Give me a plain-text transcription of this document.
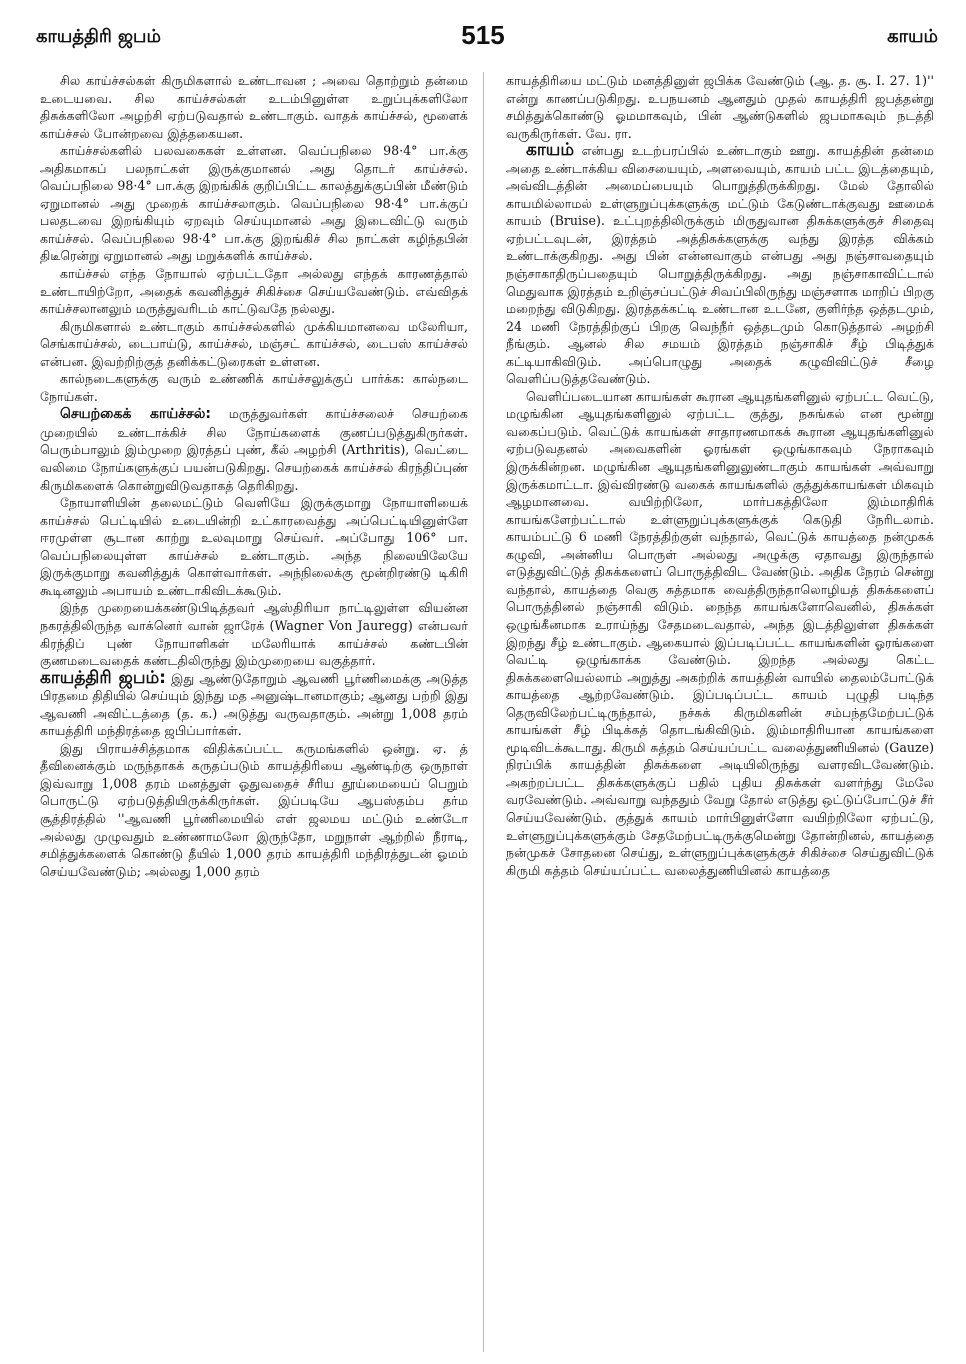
காயத்திரி ஜபம்	515	காயம்

சில காய்ச்சல்கள் கிருமிகளால் உண்டாவன ; அவை தொற்றும் தன்மை உடையவை. சில காய்ச்சல்கள் உடம்பினுள்ள உறுப்புக்களிலோ திசுக்களிலோ அழற்சி ஏற்படுவதால் உண்டாகும். வாதக் காய்ச்சல், மூளைக் காய்ச்சல் போன்றவை இத்தகையன.

காய்ச்சல்களில் பலவகைகள் உள்ளன. வெப்பநிலை 98·4° பா.க்கு அதிகமாகப் பலநாட்கள் இருக்குமானல் அது தொடர் காய்ச்சல். வெப்பநிலை 98·4° பா.க்கு இறங்கிக் குறிப்பிட்ட காலத்துக்குப்பின் மீண்டும் ஏறுமானல் அது முறைக் காய்ச்சலாகும். வெப்பநிலை 98·4° பா.க்குப் பலதடவை இறங்கியும் ஏறவும் செய்யுமானல் அது இடைவிட்டு வரும் காய்ச்சல். வெப்பநிலை 98·4° பா.க்கு இறங்கிச் சில நாட்கள் கழிந்தபின் திடீரென்று ஏறுமானல் அது மறுக்களிக் காய்ச்சல்.

காய்ச்சல் எந்த நோயால் ஏற்பட்டதோ அல்லது எந்தக் காரணத்தால் உண்டாயிற்றோ, அதைக் கவனித்துச் சிகிச்சை செய்யவேண்டும். எவ்விதக் காய்ச்சலானலும் மருத்துவரிடம் காட்டுவதே நல்லது.

கிருமிகளால் உண்டாகும் காய்ச்சல்களில் முக்கியமானவை மலேரியா, செங்காய்ச்சல், டைபாய்டு, காய்ச்சல், மஞ்சட் காய்ச்சல், டைபஸ் காய்ச்சல் என்பன. இவற்றிற்குத் தனிக்கட்டுரைகள் உள்ளன.

கால்நடைகளுக்கு வரும் உண்ணிக் காய்ச்சலுக்குப் பார்க்க: கால்நடை நோய்கள்.

செயற்கைக் காய்ச்சல்: மருத்துவர்கள் காய்ச்சலைச் செயற்கை முறையில் உண்டாக்கிச் சில நோய்களைக் குணப்படுத்துகிருர்கள். பெரும்பாலும் இம்முறை இரத்தப் புண், கீல் அழற்சி (Arthritis), வெட்டை வலிமை நோய்களுக்குப் பயன்படுகிறது. செயற்கைக் காய்ச்சல் கிரந்திப்புண் கிருமிகளைக் கொன்றுவிடுவதாகத் தெரிகிறது.

நோயாளியின் தலைமட்டும் வெளியே இருக்குமாறு நோயாளியைக் காய்ச்சல் பெட்டியில் உடையின்றி உட்காரவைத்து அப்பெட்டியினுள்ளே ஈரமுள்ள சூடான காற்று உலவுமாறு செய்வர். அப்போது 106° பா. வெப்பநிலையுள்ள காய்ச்சல் உண்டாகும். அந்த நிலையிலேயே இருக்குமாறு கவனித்துக் கொள்வார்கள். அந்நிலைக்கு மூன்றிரண்டு டிகிரி கூடினலும் அபாயம் உண்டாகிவிடக்கூடும்.

இந்த முறையைக்கண்டுபிடித்தவர் ஆஸ்திரியா நாட்டிலுள்ள வியன்ன நகரத்திலிருந்த வாக்னெர் வான் ஜாரேக் (Wagner Von Jauregg) என்பவர் கிரந்திப் புண் நோயாளிகள் மலேரியாக் காய்ச்சல் கண்டபின் குணமடைவதைக் கண்டதிலிருந்து இம்முறையை வகுத்தார்.

காயத்திரி ஜபம்: இது ஆண்டுதோறும் ஆவணி பூர்ணிமைக்கு அடுத்த பிரதமை திதியில் செய்யும் இந்து மத அனுஷ்டானமாகும்; ஆனது பற்றி இது ஆவணி அவிட்டத்தை (த. க.) அடுத்து வருவதாகும். அன்று 1,008 தரம் காயத்திரி மந்திரத்தை ஜபிப்பார்கள்.

இது பிராயச்சித்தமாக விதிக்கப்பட்ட கருமங்களில் ஒன்று. ஏ. த் தீவினைக்கும் மருந்தாகக் கருதப்படும் காயத்திரியை ஆண்டிற்கு ஒருநாள் இவ்வாறு 1,008 தரம் மனத்துள் ஓதுவதைச் சீரிய தூய்மையைப் பெறும் பொருட்டு ஏற்படுத்தியிருக்கிருர்கள். இப்படியே ஆபஸ்தம்ப தர்ம சூத்திரத்தில் ''ஆவணி பூர்ணிமையில் எள் ஜலமய மட்டும் உண்டோ அல்லது முழுவதும் உண்ணாமலோ இருந்தோ, மறுநாள் ஆற்றில் நீராடி, சமித்துக்களைக் கொண்டு தீயில் 1,000 தரம் காயத்திரி மந்திரத்துடன் ஓமம் செய்யவேண்டும்; அல்லது 1,000 தரம்

காயத்திரியை மட்டும் மனத்தினுள் ஜபிக்க வேண்டும் (ஆ. த. சூ. I. 27. 1)'' என்று காணப்படுகிறது. உபநயனம் ஆனதும் முதல் காயத்திரி ஜபத்தன்று சமித்துக்கொண்டு ஓமமாகவும், பின் ஆண்டுகளில் ஜபமாகவும் நடத்தி வருகிருர்கள். வே. ரா.

காயம் என்பது உடற்பரப்பில் உண்டாகும் ஊறு. காயத்தின் தன்மை அதை உண்டாக்கிய விசையையும், அளவையும், காயம் பட்ட இடத்தையும், அவ்விடத்தின் அமைப்பையும் பொறுத்திருக்கிறது. மேல் தோலில் காயமில்லாமல் உள்ளுறுப்புக்களுக்கு மட்டும் கேடுண்டாக்குவது ஊமைக் காயம் (Bruise). உட்புறத்திலிருக்கும் மிருதுவான திசுக்களுக்குச் சிதைவு ஏற்பட்டவுடன், இரத்தம் அத்திசுக்களுக்கு வந்து இரத்த விக்கம் உண்டாக்குகிறது. அது பின் என்னவாகும் என்பது அது நஞ்சாவதையும் நஞ்சாகாதிருப்பதையும் பொறுத்திருக்கிறது. அது நஞ்சாகாவிட்டால் மெதுவாக இரத்தம் உறிஞ்சப்பட்டுச் சிவப்பிலிருந்து மஞ்சளாக மாறிப் பிறகு மறைந்து விடுகிறது. இரத்தக்கட்டி உண்டான உடனே, குளிர்ந்த ஒத்தடமும், 24 மணி நேரத்திற்குப் பிறகு வெந்நீர் ஒத்தடமும் கொடுத்தால் அழற்சி நீங்கும். ஆனல் சில சமயம் இரத்தம் நஞ்சாகிச் சீழ் பிடித்துக் கட்டியாகிவிடும். அப்பொழுது அதைக் கழுவிவிட்டுச் சீழை வெளிப்படுத்தவேண்டும்.

வெளிப்படையான காயங்கள் கூரான ஆயுதங்களினுல் ஏற்பட்ட வெட்டு, மழுங்கின ஆயுதங்களினுல் ஏற்பட்ட குத்து, நசுங்கல் என மூன்று வகைப்படும். வெட்டுக் காயங்கள் சாதாரணமாகக் கூரான ஆயுதங்களினுல் ஏற்படுவதனல் அவைகளின் ஓரங்கள் ஒழுங்காகவும் நேராகவும் இருக்கின்றன. மழுங்கின ஆயுதங்களினுலுண்டாகும் காயங்கள் அவ்வாறு இருக்கமாட்டா. இவ்விரண்டு வகைக் காயங்களில் குத்துக்காயங்கள் மிகவும் ஆழமானவை. வயிற்றிலோ, மார்பகத்திலோ இம்மாதிரிக் காயங்களேற்பட்டால் உள்ளுறுப்புக்களுக்குக் கெடுதி நேரிடலாம். காயம்பட்டு 6 மணி நேரத்திற்குள் வந்தால், வெட்டுக் காயத்தை நன்முகக் கழுவி, அன்னிய பொருள் அல்லது அழுக்கு ஏதாவது இருந்தால் எடுத்துவிட்டுத் திசுக்களைப் பொருத்திவிட வேண்டும். அதிக நேரம் சென்று வந்தால், காயத்தை வெகு சுத்தமாக வைத்திருந்தாலொழியத் திசுக்களைப் பொருத்தினல் நஞ்சாகி விடும். நைந்த காயங்களோவெனில், திசுக்கள் ஒழுங்கீனமாக உராய்ந்து சேதமடைவதால், அந்த இடத்திலுள்ள திசுக்கள் இறந்து சீழ் உண்டாகும். ஆகையால் இப்படிப்பட்ட காயங்களின் ஓரங்களை வெட்டி ஒழுங்காக்க வேண்டும். இறந்த அல்லது கெட்ட திசுக்களையெல்லாம் அறுத்து அகற்றிக் காயத்தின் வாயில் தைலம்போட்டுக் காயத்தை ஆற்றவேண்டும். இப்படிப்பட்ட காயம் புழுதி படிந்த தெருவிலேற்பட்டிருந்தால், நச்சுக் கிருமிகளின் சம்பந்தமேற்பட்டுக் காயங்கள் சீழ் பிடிக்கத் தொடங்கிவிடும். இம்மாதிரியான காயங்களை மூடிவிடக்கூடாது. கிருமி சுத்தம் செய்யப்பட்ட வலைத்துணியினல் (Gauze) நிரப்பிக் காயத்தின் திசுக்களை அடியிலிருந்து வளரவிடவேண்டும். அகற்றப்பட்ட திசுக்களுக்குப் பதில் புதிய திசுக்கள் வளர்ந்து மேலே வரவேண்டும். அவ்வாறு வந்ததும் வேறு தோல் எடுத்து ஒட்டுப்போட்டுச் சீர் செய்யவேண்டும். குத்துக் காயம் மார்பினுள்ளோ வயிற்றிலோ ஏற்பட்டு, உள்ளுறுப்புக்களுக்கும் சேதமேற்பட்டிருக்குமென்று தோன்றினல், காயத்தை நன்முகச் சோதனை செய்து, உள்ளுறுப்புக்களுக்குச் சிகிச்சை செய்துவிட்டுக் கிருமி சுத்தம் செய்யப்பட்ட வலைத்துணியினல் காயத்தை
